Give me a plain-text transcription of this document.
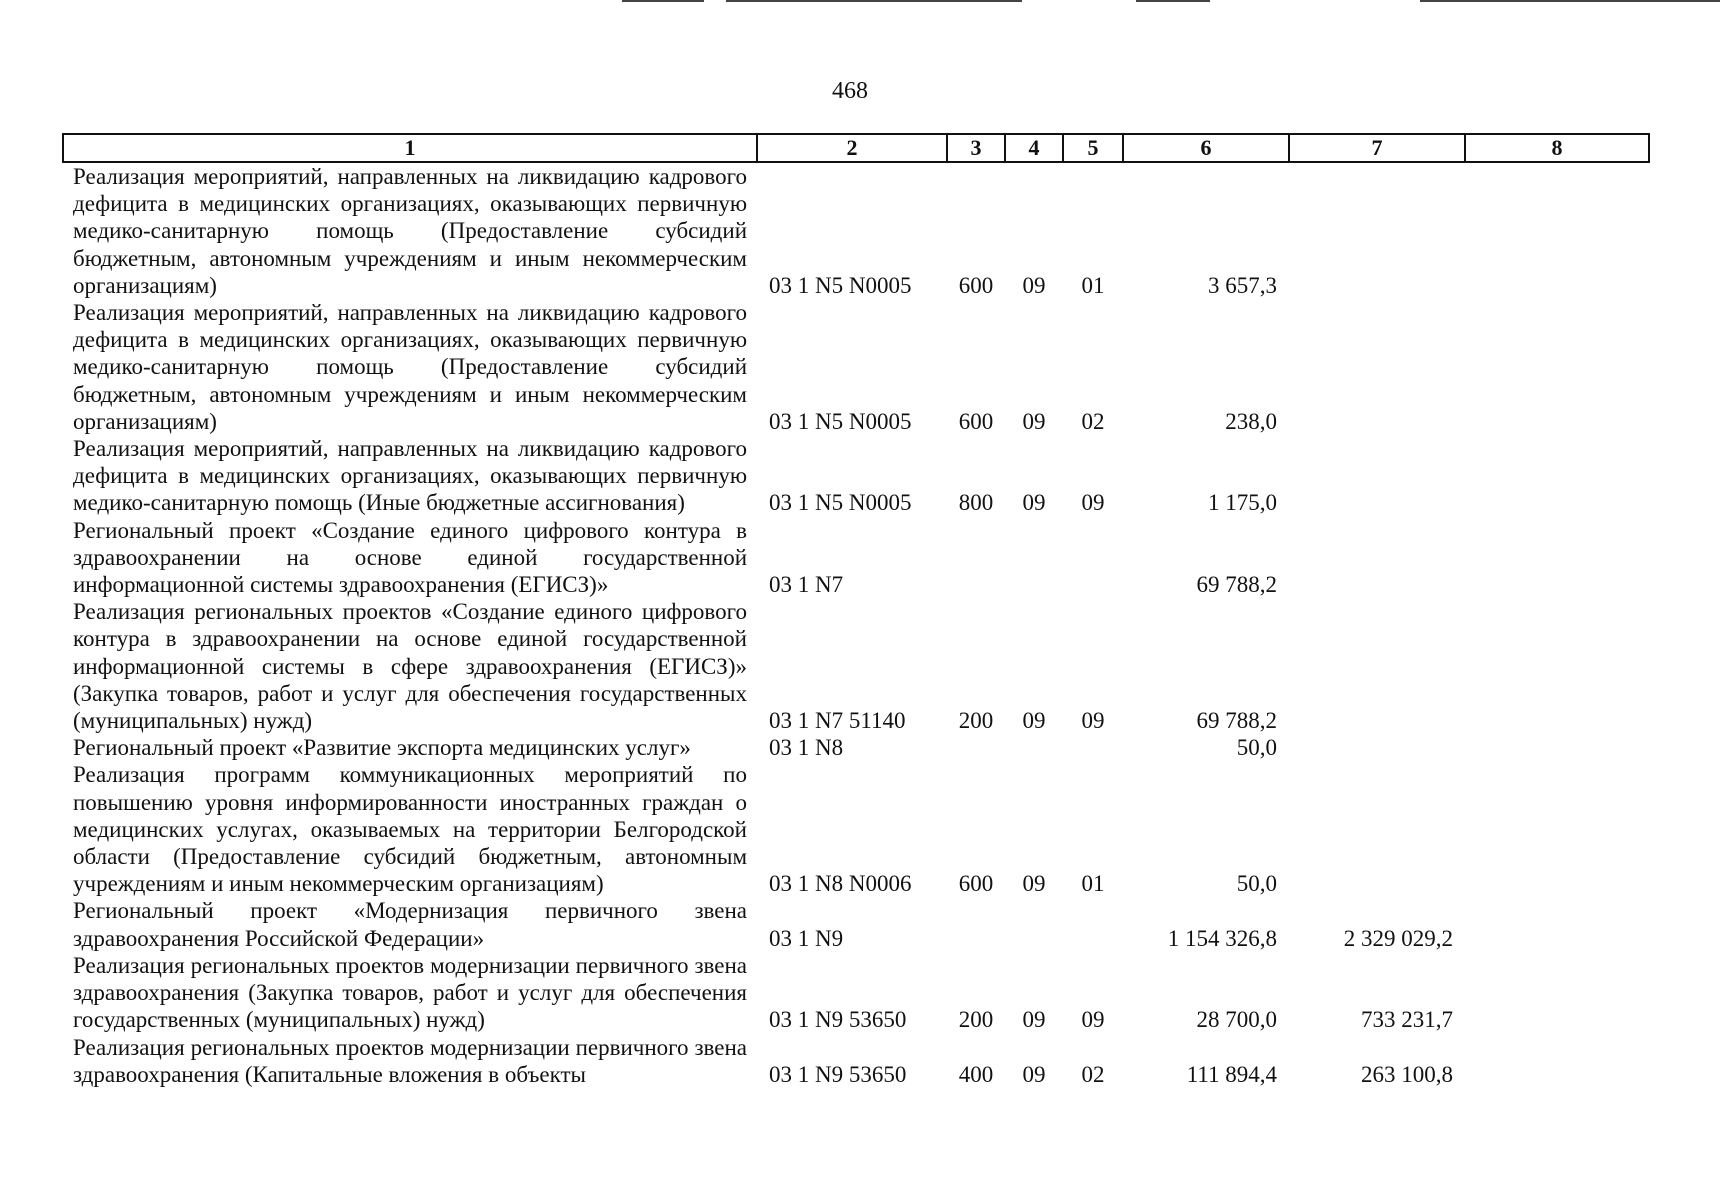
468
1	2	3	4	5	6	7	8
Реализация мероприятий, направленных на ликвидацию кадрового дефицита в медицинских организациях, оказывающих первичную медико-санитарную помощь (Предоставление субсидий бюджетным, автономным учреждениям и иным некоммерческим организациям)	03 1 N5 N0005	600	09	01	3 657,3		
Реализация мероприятий, направленных на ликвидацию кадрового дефицита в медицинских организациях, оказывающих первичную медико-санитарную помощь (Предоставление субсидий бюджетным, автономным учреждениям и иным некоммерческим организациям)	03 1 N5 N0005	600	09	02	238,0		
Реализация мероприятий, направленных на ликвидацию кадрового дефицита в медицинских организациях, оказывающих первичную медико-санитарную помощь (Иные бюджетные ассигнования)	03 1 N5 N0005	800	09	09	1 175,0		
Региональный проект «Создание единого цифрового контура в здравоохранении на основе единой государственной информационной системы здравоохранения (ЕГИСЗ)»	03 1 N7				69 788,2		
Реализация региональных проектов «Создание единого цифрового контура в здравоохранении на основе единой государственной информационной системы в сфере здравоохранения (ЕГИСЗ)» (Закупка товаров, работ и услуг для обеспечения государственных (муниципальных) нужд)	03 1 N7 51140	200	09	09	69 788,2		
Региональный проект «Развитие экспорта медицинских услуг»	03 1 N8				50,0		
Реализация программ коммуникационных мероприятий по повышению уровня информированности иностранных граждан о медицинских услугах, оказываемых на территории Белгородской области (Предоставление субсидий бюджетным, автономным учреждениям и иным некоммерческим организациям)	03 1 N8 N0006	600	09	01	50,0		
Региональный проект «Модернизация первичного звена здравоохранения Российской Федерации»	03 1 N9				1 154 326,8	2 329 029,2	
Реализация региональных проектов модернизации первичного звена здравоохранения (Закупка товаров, работ и услуг для обеспечения государственных (муниципальных) нужд)	03 1 N9 53650	200	09	09	28 700,0	733 231,7	
Реализация региональных проектов модернизации первичного звена здравоохранения (Капитальные вложения в объекты	03 1 N9 53650	400	09	02	111 894,4	263 100,8	
